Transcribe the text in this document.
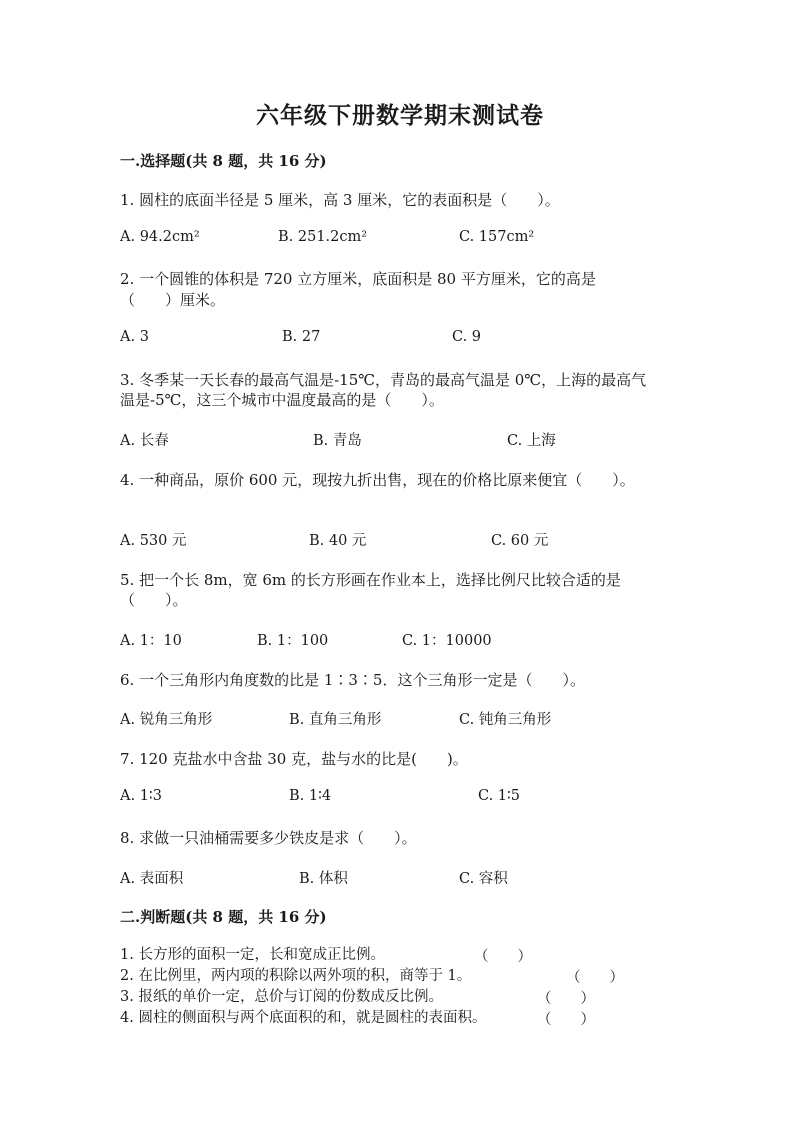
六年级下册数学期末测试卷
一.选择题(共 8 题，共 16 分)
1. 圆柱的底面半径是 5 厘米，高 3 厘米，它的表面积是（　　）。
A. 94.2cm²	B. 251.2cm²	C. 157cm²
2. 一个圆锥的体积是 720 立方厘米，底面积是 80 平方厘米，它的高是
（　　）厘米。
A. 3	B. 27	C. 9
3. 冬季某一天长春的最高气温是-15℃，青岛的最高气温是 0℃，上海的最高气
温是-5℃，这三个城市中温度最高的是（　　）。
A. 长春	B. 青岛	C. 上海
4. 一种商品，原价 600 元，现按九折出售，现在的价格比原来便宜（　　）。
A. 530 元	B. 40 元	C. 60 元
5. 把一个长 8m，宽 6m 的长方形画在作业本上，选择比例尺比较合适的是
（　　）。
A. 1：10	B. 1：100	C. 1：10000
6. 一个三角形内角度数的比是 1∶3∶5．这个三角形一定是（　　）。
A. 锐角三角形	B. 直角三角形	C. 钝角三角形
7. 120 克盐水中含盐 30 克，盐与水的比是(　　)。
A. 1∶3	B. 1∶4	C. 1∶5
8. 求做一只油桶需要多少铁皮是求（　　）。
A. 表面积	B. 体积	C. 容积
二.判断题(共 8 题，共 16 分)
1. 长方形的面积一定，长和宽成正比例。	（　　）
2. 在比例里，两内项的积除以两外项的积，商等于 1。	（　　）
3. 报纸的单价一定，总价与订阅的份数成反比例。	（　　）
4. 圆柱的侧面积与两个底面积的和，就是圆柱的表面积。	（　　）
